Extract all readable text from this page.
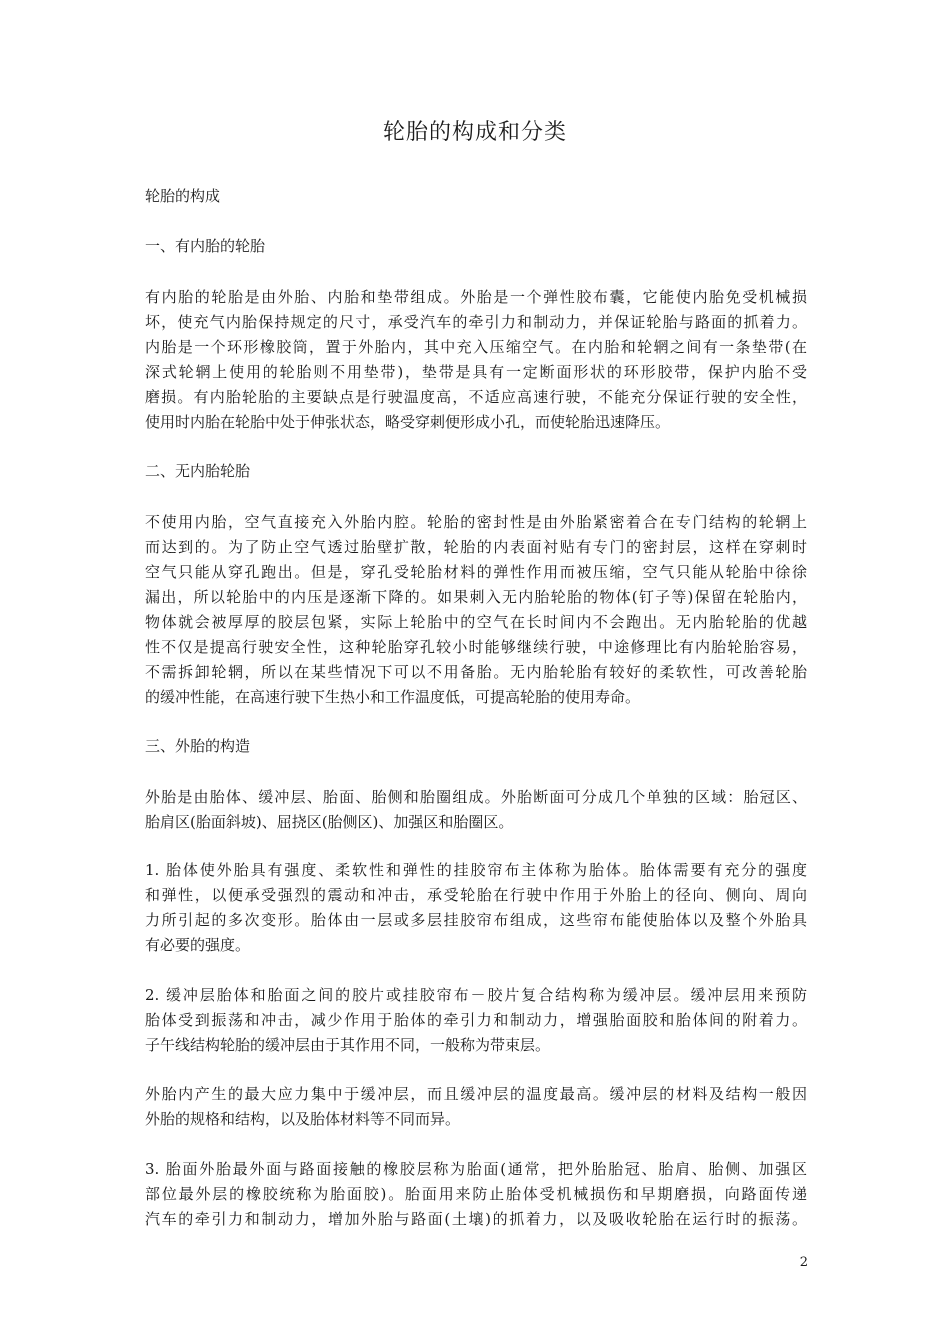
轮胎的构成和分类
轮胎的构成
一、有内胎的轮胎
有内胎的轮胎是由外胎、内胎和垫带组成。外胎是一个弹性胶布囊，它能使内胎免受机械损
坏，使充气内胎保持规定的尺寸，承受汽车的牵引力和制动力，并保证轮胎与路面的抓着力。
内胎是一个环形橡胶筒，置于外胎内，其中充入压缩空气。在内胎和轮辋之间有一条垫带(在
深式轮辋上使用的轮胎则不用垫带)，垫带是具有一定断面形状的环形胶带，保护内胎不受
磨损。有内胎轮胎的主要缺点是行驶温度高，不适应高速行驶，不能充分保证行驶的安全性，
使用时内胎在轮胎中处于伸张状态，略受穿刺便形成小孔，而使轮胎迅速降压。
二、无内胎轮胎
不使用内胎，空气直接充入外胎内腔。轮胎的密封性是由外胎紧密着合在专门结构的轮辋上
而达到的。为了防止空气透过胎壁扩散，轮胎的内表面衬贴有专门的密封层，这样在穿刺时
空气只能从穿孔跑出。但是，穿孔受轮胎材料的弹性作用而被压缩，空气只能从轮胎中徐徐
漏出，所以轮胎中的内压是逐渐下降的。如果刺入无内胎轮胎的物体(钉子等)保留在轮胎内，
物体就会被厚厚的胶层包紧，实际上轮胎中的空气在长时间内不会跑出。无内胎轮胎的优越
性不仅是提高行驶安全性，这种轮胎穿孔较小时能够继续行驶，中途修理比有内胎轮胎容易，
不需拆卸轮辋，所以在某些情况下可以不用备胎。无内胎轮胎有较好的柔软性，可改善轮胎
的缓冲性能，在高速行驶下生热小和工作温度低，可提高轮胎的使用寿命。
三、外胎的构造
外胎是由胎体、缓冲层、胎面、胎侧和胎圈组成。外胎断面可分成几个单独的区域：胎冠区、
胎肩区(胎面斜坡)、屈挠区(胎侧区)、加强区和胎圈区。
1. 胎体使外胎具有强度、柔软性和弹性的挂胶帘布主体称为胎体。胎体需要有充分的强度
和弹性，以便承受强烈的震动和冲击，承受轮胎在行驶中作用于外胎上的径向、侧向、周向
力所引起的多次变形。胎体由一层或多层挂胶帘布组成，这些帘布能使胎体以及整个外胎具
有必要的强度。
2. 缓冲层胎体和胎面之间的胶片或挂胶帘布－胶片复合结构称为缓冲层。缓冲层用来预防
胎体受到振荡和冲击，减少作用于胎体的牵引力和制动力，增强胎面胶和胎体间的附着力。
子午线结构轮胎的缓冲层由于其作用不同，一般称为带束层。
外胎内产生的最大应力集中于缓冲层，而且缓冲层的温度最高。缓冲层的材料及结构一般因
外胎的规格和结构，以及胎体材料等不同而异。
3. 胎面外胎最外面与路面接触的橡胶层称为胎面(通常，把外胎胎冠、胎肩、胎侧、加强区
部位最外层的橡胶统称为胎面胶)。胎面用来防止胎体受机械损伤和早期磨损，向路面传递
汽车的牵引力和制动力，增加外胎与路面(土壤)的抓着力，以及吸收轮胎在运行时的振荡。
2
